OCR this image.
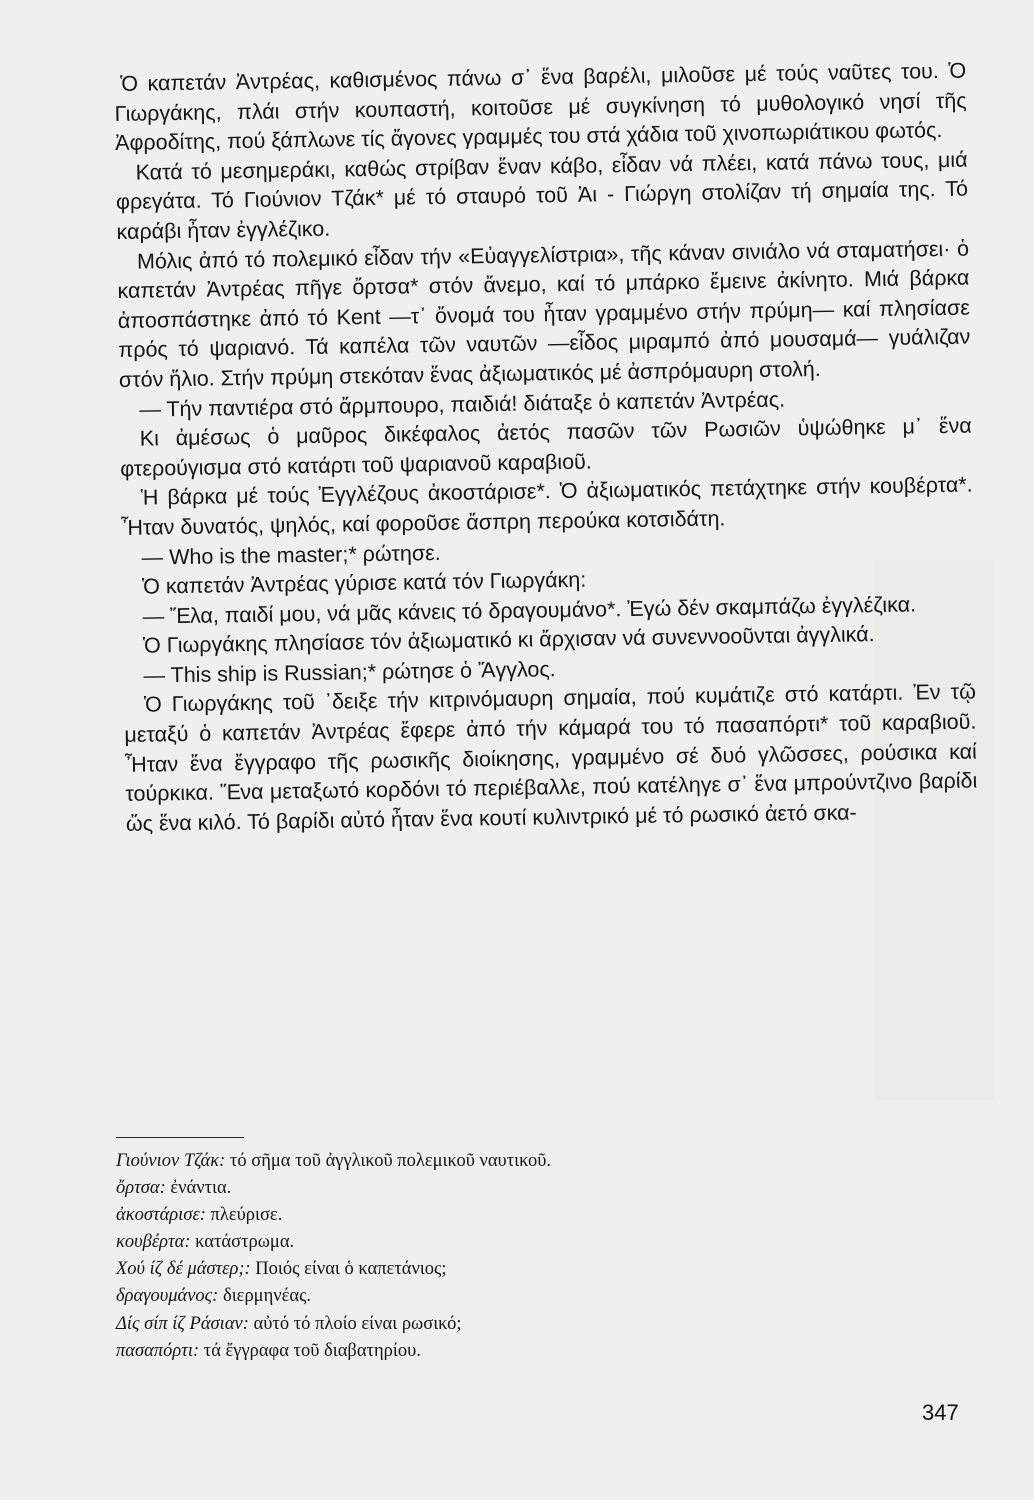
Ὁ καπετάν Ἀντρέας, καθισμένος πάνω σ᾽ ἕνα βαρέλι, μιλοῦσε μέ τούς ναῦτες του. Ὁ Γιωργάκης, πλάι στήν κουπαστή, κοιτοῦσε μέ συγκίνηση τό μυθολογικό νησί τῆς Ἀφροδίτης, πού ξάπλωνε τίς ἄγονες γραμμές του στά χάδια τοῦ χινοπωριάτικου φωτός.

Κατά τό μεσημεράκι, καθώς στρίβαν ἕναν κάβο, εἶδαν νά πλέει, κατά πάνω τους, μιά φρεγάτα. Τό Γιούνιον Τζάκ* μέ τό σταυρό τοῦ Ἁι - Γιώργη στολίζαν τή σημαία της. Τό καράβι ἦταν ἐγγλέζικο.

Μόλις ἀπό τό πολεμικό εἶδαν τήν «Εὐαγγελίστρια», τῆς κάναν σινιάλο νά σταματήσει· ὁ καπετάν Ἀντρέας πῆγε ὄρτσα* στόν ἄνεμο, καί τό μπάρκο ἔμεινε ἀκίνητο. Μιά βάρκα ἀποσπάστηκε ἀπό τό Kent —τ᾽ ὄνομά του ἦταν γραμμένο στήν πρύμη— καί πλησίασε πρός τό ψαριανό. Τά καπέλα τῶν ναυτῶν —εἶδος μιραμπό ἀπό μουσαμά— γυάλιζαν στόν ἥλιο. Στήν πρύμη στεκόταν ἕνας ἀξιωματικός μέ ἀσπρόμαυρη στολή.

— Τήν παντιέρα στό ἄρμπουρο, παιδιά! διάταξε ὁ καπετάν Ἀντρέας.

Κι ἀμέσως ὁ μαῦρος δικέφαλος ἀετός πασῶν τῶν Ρωσιῶν ὑψώθηκε μ᾽ ἕνα φτερούγισμα στό κατάρτι τοῦ ψαριανοῦ καραβιοῦ.

Ἡ βάρκα μέ τούς Ἐγγλέζους ἀκοστάρισε*. Ὁ ἀξιωματικός πετάχτηκε στήν κουβέρτα*. Ἦταν δυνατός, ψηλός, καί φοροῦσε ἄσπρη περούκα κοτσιδάτη.

— Who is the master;* ρώτησε.

Ὁ καπετάν Ἀντρέας γύρισε κατά τόν Γιωργάκη:

— Ἔλα, παιδί μου, νά μᾶς κάνεις τό δραγουμάνο*. Ἐγώ δέν σκαμπάζω ἐγγλέζικα.

Ὁ Γιωργάκης πλησίασε τόν ἀξιωματικό κι ἄρχισαν νά συνεννοοῦνται ἀγγλικά.

— This ship is Russian;* ρώτησε ὁ Ἄγγλος.

Ὁ Γιωργάκης τοῦ ᾽δειξε τήν κιτρινόμαυρη σημαία, πού κυμάτιζε στό κατάρτι. Ἐν τῷ μεταξύ ὁ καπετάν Ἀντρέας ἔφερε ἀπό τήν κάμαρά του τό πασαπόρτι* τοῦ καραβιοῦ. Ἦταν ἕνα ἔγγραφο τῆς ρωσικῆς διοίκησης, γραμμένο σέ δυό γλῶσσες, ρούσικα καί τούρκικα. Ἕνα μεταξωτό κορδόνι τό περιέβαλλε, πού κατέληγε σ᾽ ἕνα μπρούντζινο βαρίδι ὥς ἕνα κιλό. Τό βαρίδι αὐτό ἦταν ἕνα κουτί κυλιντρικό μέ τό ρωσικό ἀετό σκα-

Γιούνιον Τζάκ: τό σῆμα τοῦ ἀγγλικοῦ πολεμικοῦ ναυτικοῦ.
ὄρτσα: ἐνάντια.
ἀκοστάρισε: πλεύρισε.
κουβέρτα: κατάστρωμα.
Χού ίζ δέ μάστερ;: Ποιός είναι ὁ καπετάνιος;
δραγουμάνος: διερμηνέας.
Δίς σίπ ίζ Ράσιαν: αὐτό τό πλοίο είναι ρωσικό;
πασαπόρτι: τά ἔγγραφα τοῦ διαβατηρίου.
347
